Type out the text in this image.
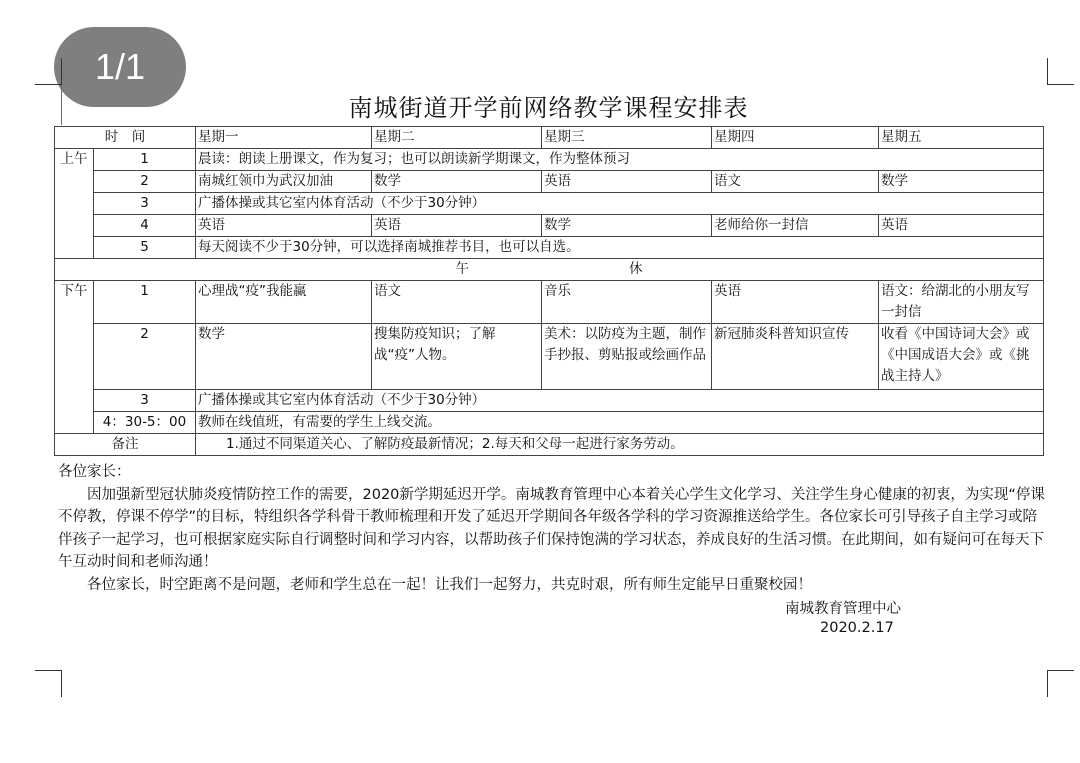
1/1
南城街道开学前网络教学课程安排表
时　间		星期一	星期二	星期三	星期四	星期五
上午	1	晨读：朗读上册课文，作为复习；也可以朗读新学期课文，作为整体预习				
	2	南城红领巾为武汉加油	数学	英语	语文	数学
	3	广播体操或其它室内体育活动（不少于30分钟）				
	4	英语	英语	数学	老师给你一封信	英语
	5	每天阅读不少于30分钟，可以选择南城推荐书目，也可以自选。				
午 休						
下午	1	心理战“疫”我能赢	语文	音乐	英语	语文：给湖北的小朋友写一封信
	2	数学	搜集防疫知识；了解战“疫”人物。	美术：以防疫为主题，制作手抄报、剪贴报或绘画作品	新冠肺炎科普知识宣传	收看《中国诗词大会》或《中国成语大会》或《挑战主持人》
	3	广播体操或其它室内体育活动（不少于30分钟）				
	4：30-5：00	教师在线值班，有需要的学生上线交流。				
备注		1.通过不同渠道关心、了解防疫最新情况；2.每天和父母一起进行家务劳动。				

各位家长：

因加强新型冠状肺炎疫情防控工作的需要，2020新学期延迟开学。南城教育管理中心本着关心学生文化学习、关注学生身心健康的初衷，为实现“停课不停教，停课不停学”的目标，特组织各学科骨干教师梳理和开发了延迟开学期间各年级各学科的学习资源推送给学生。各位家长可引导孩子自主学习或陪伴孩子一起学习，也可根据家庭实际自行调整时间和学习内容，以帮助孩子们保持饱满的学习状态，养成良好的生活习惯。在此期间，如有疑问可在每天下午互动时间和老师沟通！

各位家长，时空距离不是问题，老师和学生总在一起！让我们一起努力，共克时艰，所有师生定能早日重聚校园！

南城教育管理中心
2020.2.17
